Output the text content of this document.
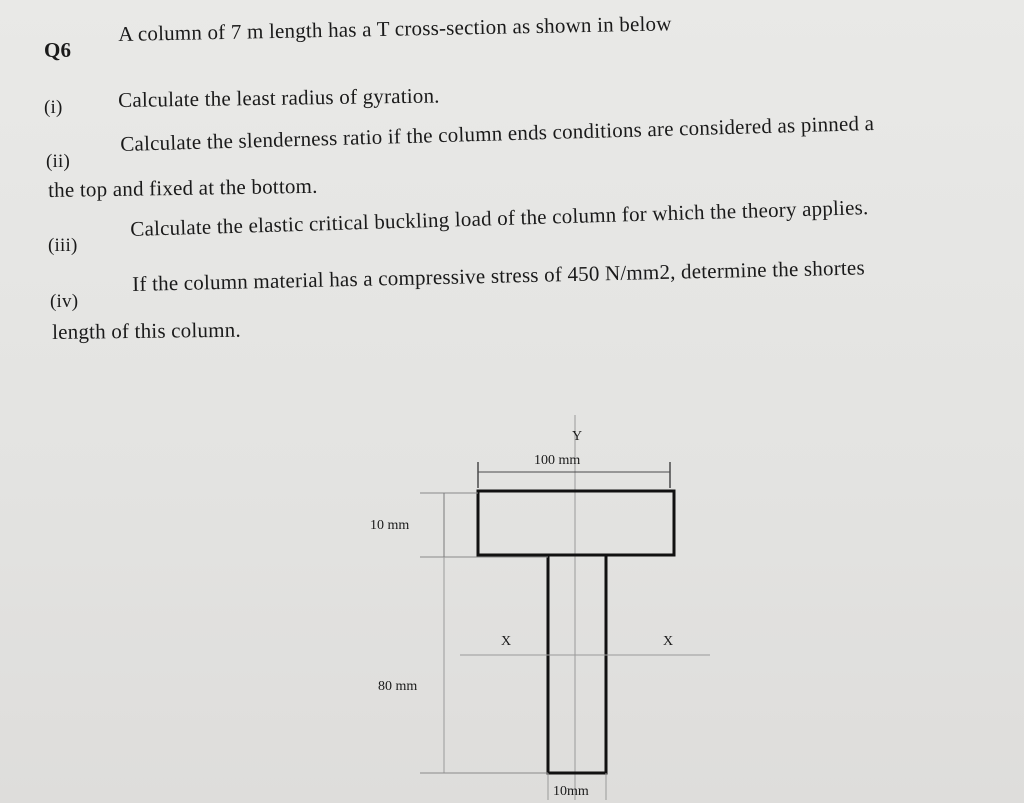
Q6
A column of 7 m length has a T cross-section as shown in below
(i)	Calculate the least radius of gyration.
(ii)
Calculate the slenderness ratio if the column ends conditions are considered as pinned a
the top and fixed at the bottom.
(iii)
Calculate the elastic critical buckling load of the column for which the theory applies.
(iv)
If the column material has a compressive stress of 450 N/mm2, determine the shortes
length of this column.
Y
100 mm
10 mm
X	X
80 mm
10mm
